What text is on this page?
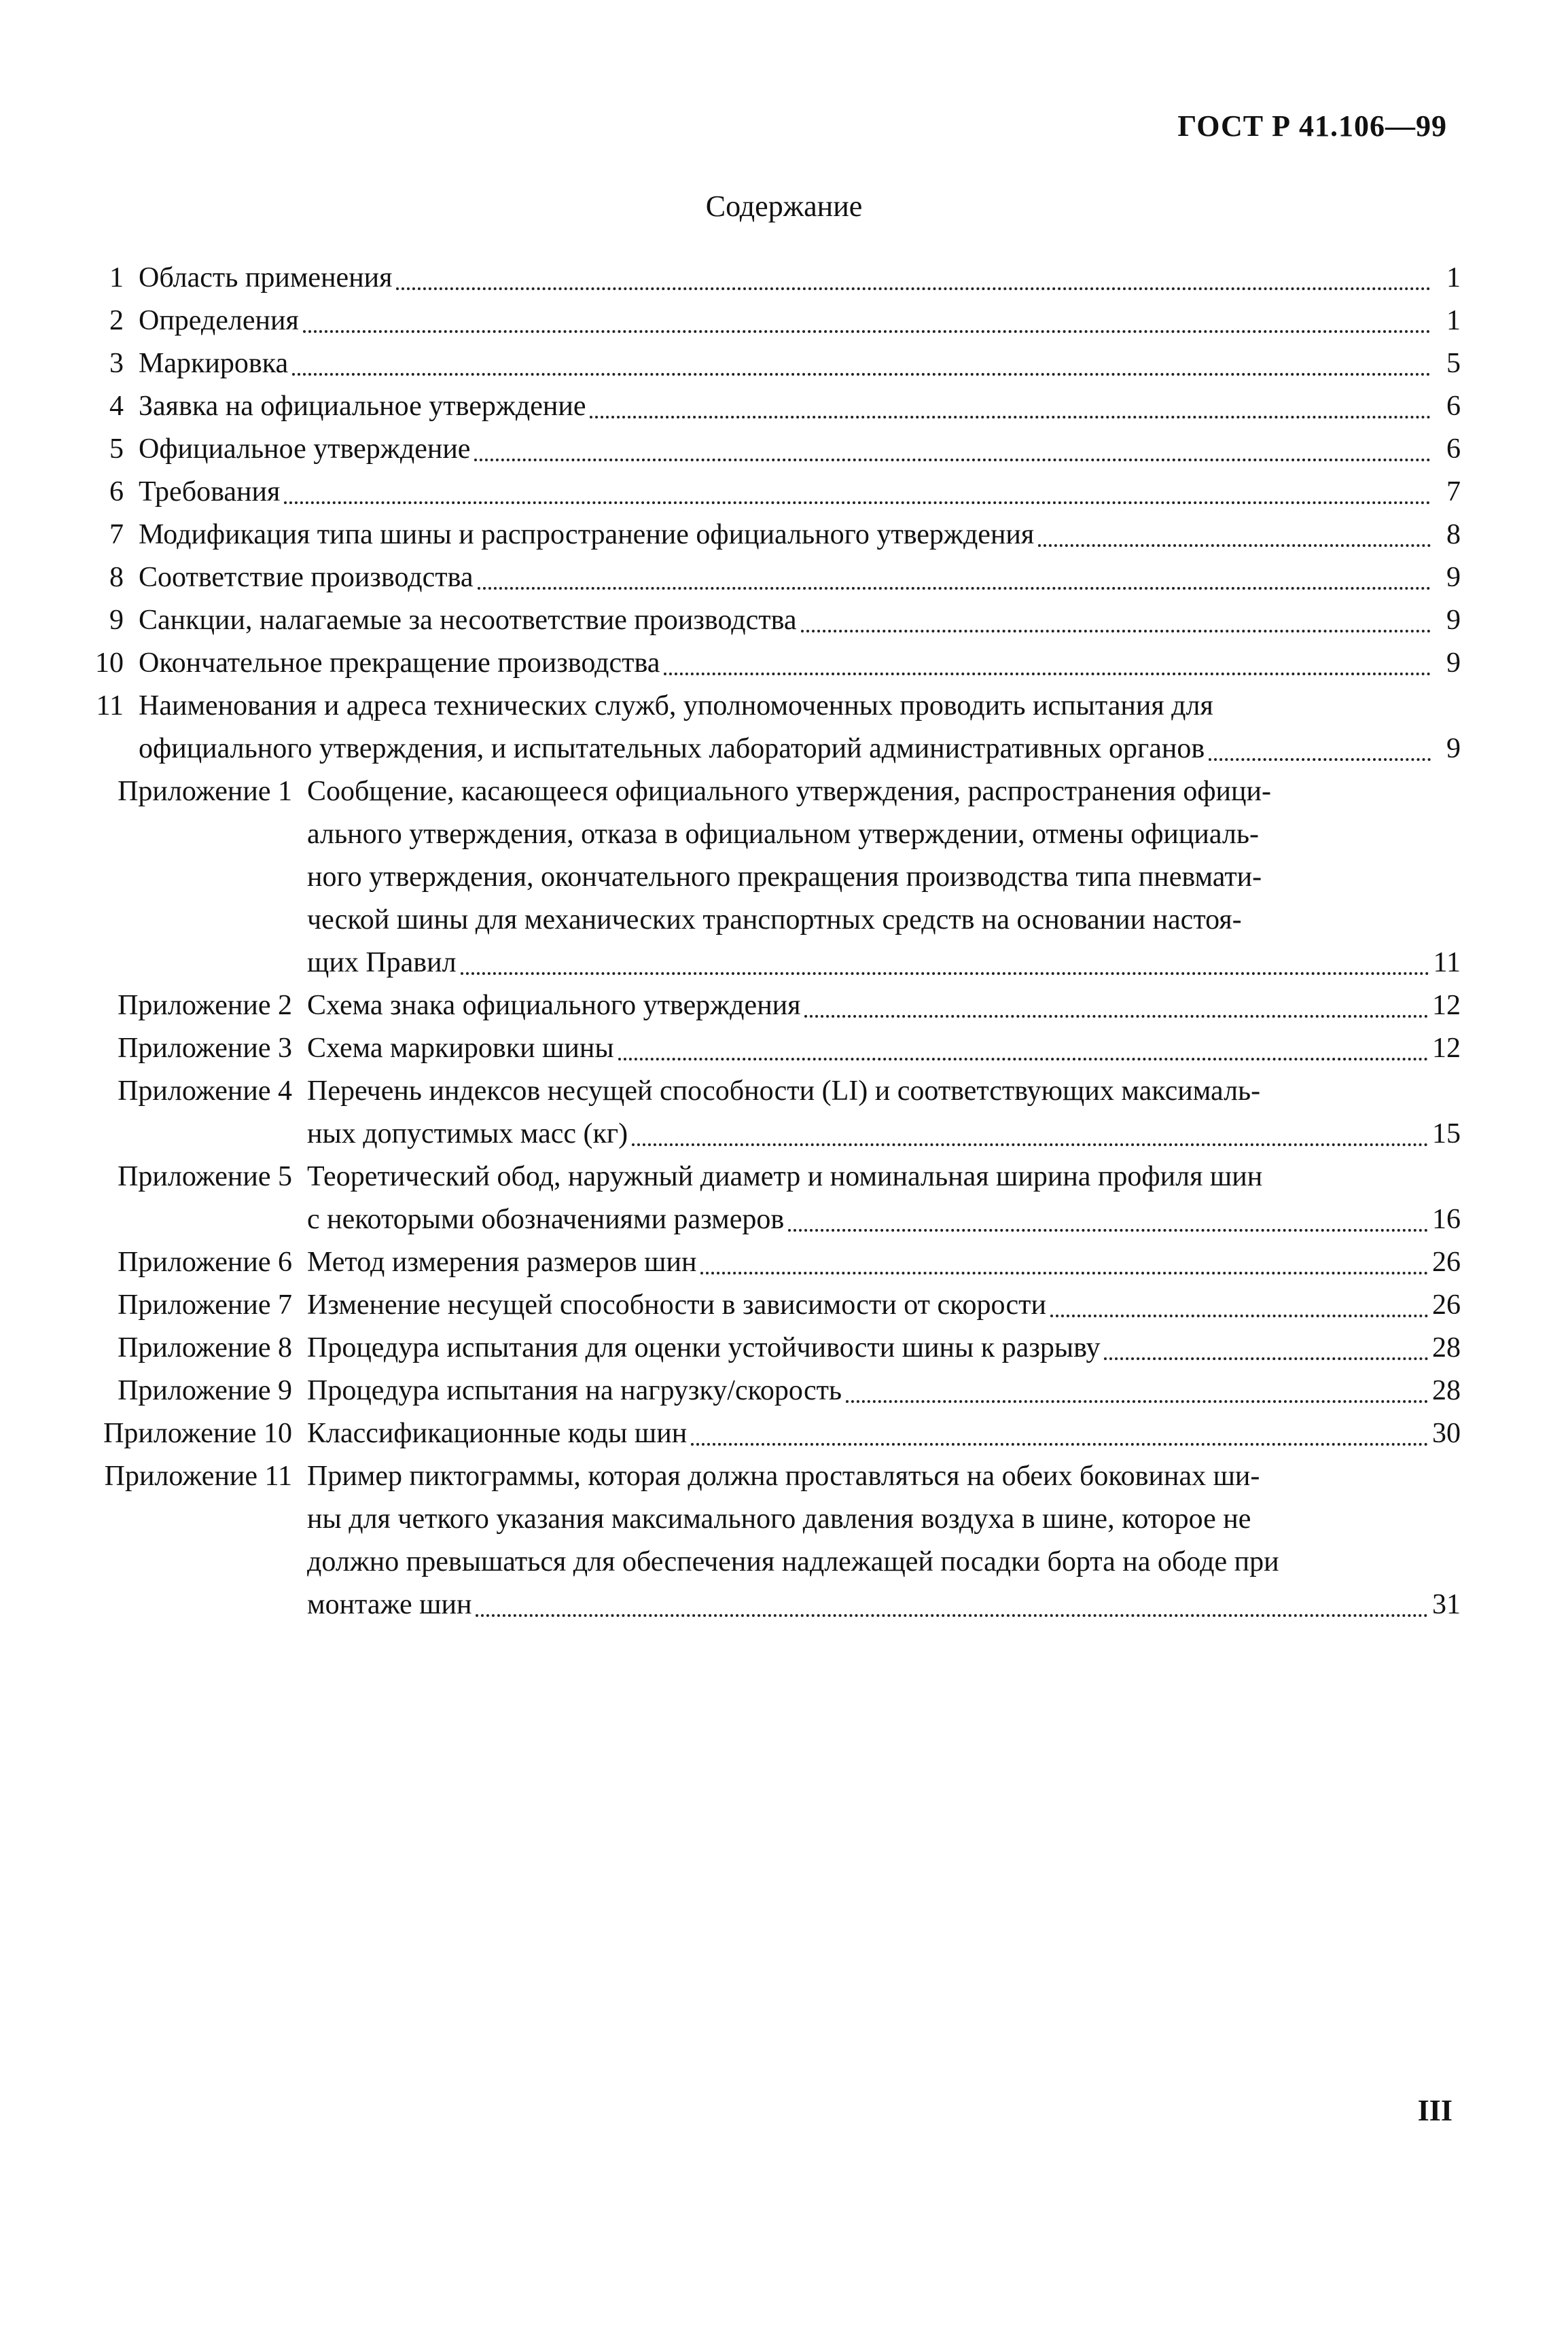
ГОСТ Р 41.106—99
Содержание
1 Область применения	1
2 Определения	1
3 Маркировка	5
4 Заявка на официальное утверждение	6
5 Официальное утверждение	6
6 Требования	7
7 Модификация типа шины и распространение официального утверждения	8
8 Соответствие производства	9
9 Санкции, налагаемые за несоответствие производства	9
10 Окончательное прекращение производства	9
11 Наименования и адреса технических служб, уполномоченных проводить испытания для
официального утверждения, и испытательных лабораторий административных органов	9
Приложение 1 Сообщение, касающееся официального утверждения, распространения офици-
ального утверждения, отказа в официальном утверждении, отмены официаль-
ного утверждения, окончательного прекращения производства типа пневмати-
ческой шины для механических транспортных средств на основании настоя-
щих Правил	11
Приложение 2 Схема знака официального утверждения	12
Приложение 3 Схема маркировки шины	12
Приложение 4 Перечень индексов несущей способности (LI) и соответствующих максималь-
ных допустимых масс (кг)	15
Приложение 5 Теоретический обод, наружный диаметр и номинальная ширина профиля шин
с некоторыми обозначениями размеров	16
Приложение 6 Метод измерения размеров шин	26
Приложение 7 Изменение несущей способности в зависимости от скорости	26
Приложение 8 Процедура испытания для оценки устойчивости шины к разрыву	28
Приложение 9 Процедура испытания на нагрузку/скорость	28
Приложение 10 Классификационные коды шин	30
Приложение 11 Пример пиктограммы, которая должна проставляться на обеих боковинах ши-
ны для четкого указания максимального давления воздуха в шине, которое не
должно превышаться для обеспечения надлежащей посадки борта на ободе при
монтаже шин	31
III
